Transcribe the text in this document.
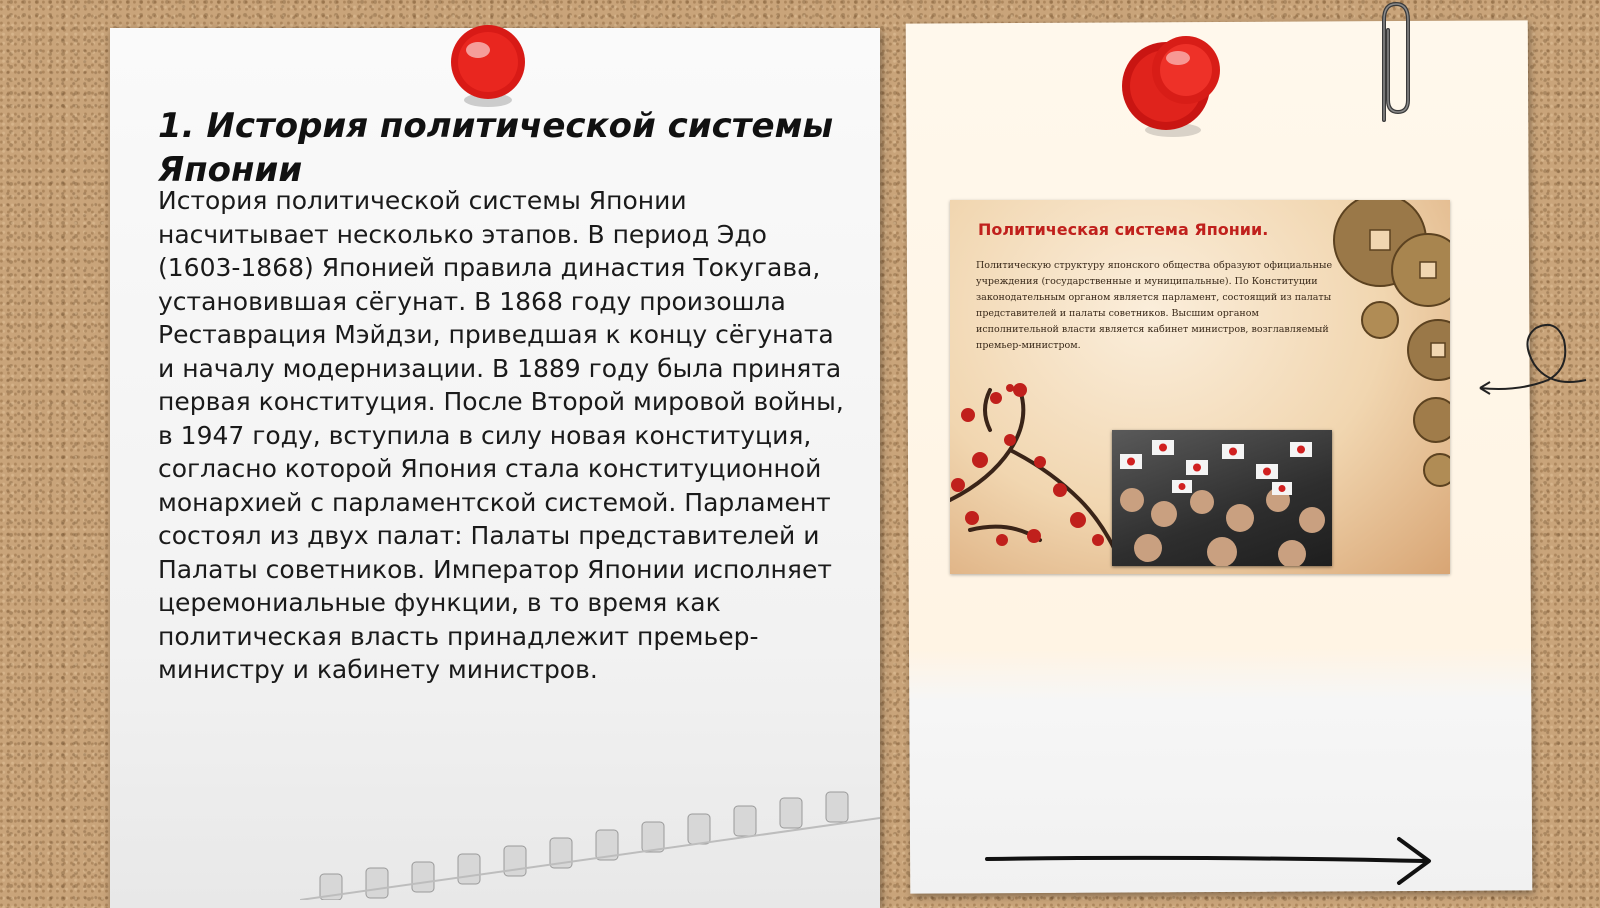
1. История политической системы Японии

История политической системы Японии насчитывает несколько этапов. В период Эдо (1603-1868) Японией правила династия Токугава, установившая сёгунат. В 1868 году произошла Реставрация Мэйдзи, приведшая к концу сёгуната и началу модернизации. В 1889 году была принята первая конституция. После Второй мировой войны, в 1947 году, вступила в силу новая конституция, согласно которой Япония стала конституционной монархией с парламентской системой. Парламент состоял из двух палат: Палаты представителей и Палаты советников. Император Японии исполняет церемониальные функции, в то время как политическая власть принадлежит премьер-министру и кабинету министров.

Политическая система Японии.

Политическую структуру японского общества образуют официальные учреждения (государственные и муниципальные). По Конституции законодательным органом является парламент, состоящий из палаты представителей и палаты советников. Высшим органом исполнительной власти является кабинет министров, возглавляемый премьер-министром.
